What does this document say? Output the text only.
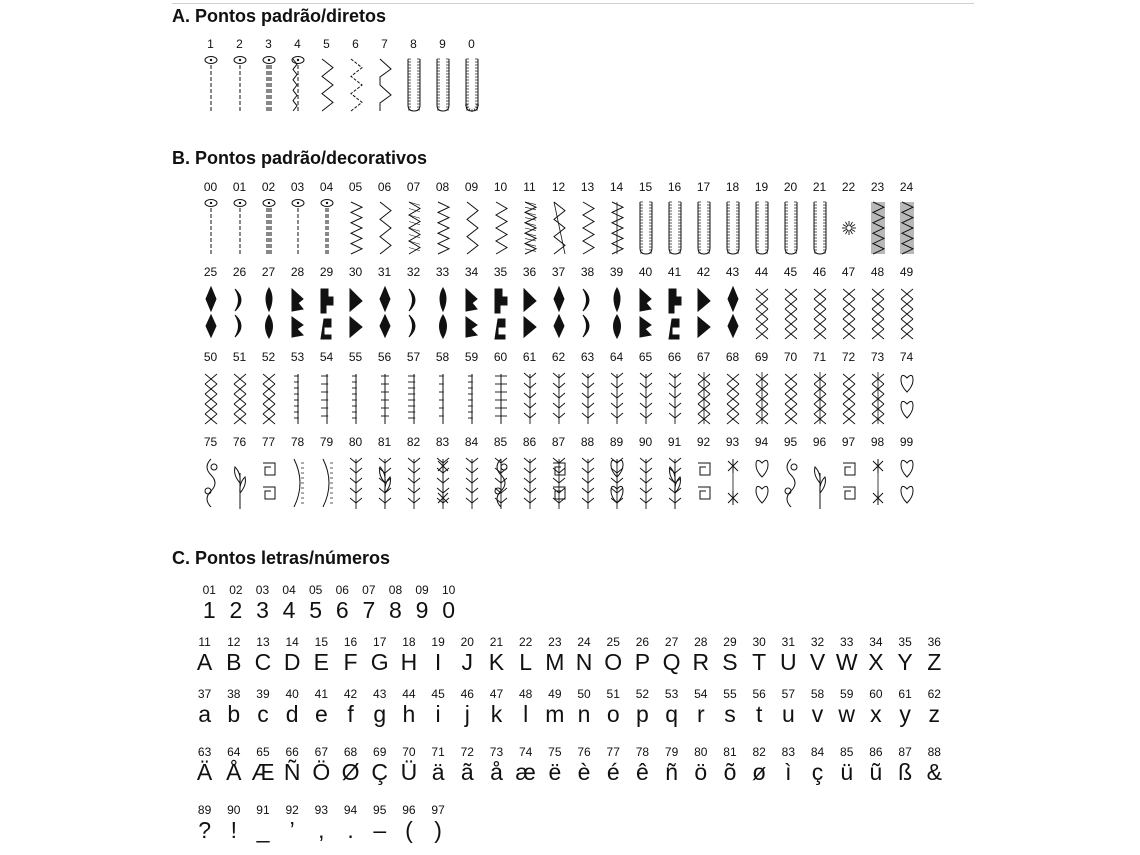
A. Pontos padrão/diretos
1 2 3 4 5 6 7 8 9 0
B. Pontos padrão/decorativos
00 01 02 03 04 05 06 07 08 09 10 11 12 13 14 15 16 17 18 19 20 21 22 23 24
25 26 27 28 29 30 31 32 33 34 35 36 37 38 39 40 41 42 43 44 45 46 47 48 49
50 51 52 53 54 55 56 57 58 59 60 61 62 63 64 65 66 67 68 69 70 71 72 73 74
75 76 77 78 79 80 81 82 83 84 85 86 87 88 89 90 91 92 93 94 95 96 97 98 99
C. Pontos letras/números
01
1
02
2
03
3
04
4
05
5
06
6
07
7
08
8
09
9
10
0
11
A
12
B
13
C
14
D
15
E
16
F
17
G
18
H
19
I
20
J
21
K
22
L
23
M
24
N
25
O
26
P
27
Q
28
R
29
S
30
T
31
U
32
V
33
W
34
X
35
Y
36
Z
37
a
38
b
39
c
40
d
41
e
42
f
43
g
44
h
45
i
46
j
47
k
48
l
49
m
50
n
51
o
52
p
53
q
54
r
55
s
56
t
57
u
58
v
59
w
60
x
61
y
62
z
63
Ä
64
Å
65
Æ
66
Ñ
67
Ö
68
Ø
69
Ç
70
Ü
71
ä
72
ã
73
å
74
æ
75
ë
76
è
77
é
78
ê
79
ñ
80
ö
81
õ
82
ø
83
ì
84
ç
85
ü
86
ũ
87
ß
88
&
89
?
90
!
91
_
92
’
93
,
94
.
95
–
96
(
97
)
